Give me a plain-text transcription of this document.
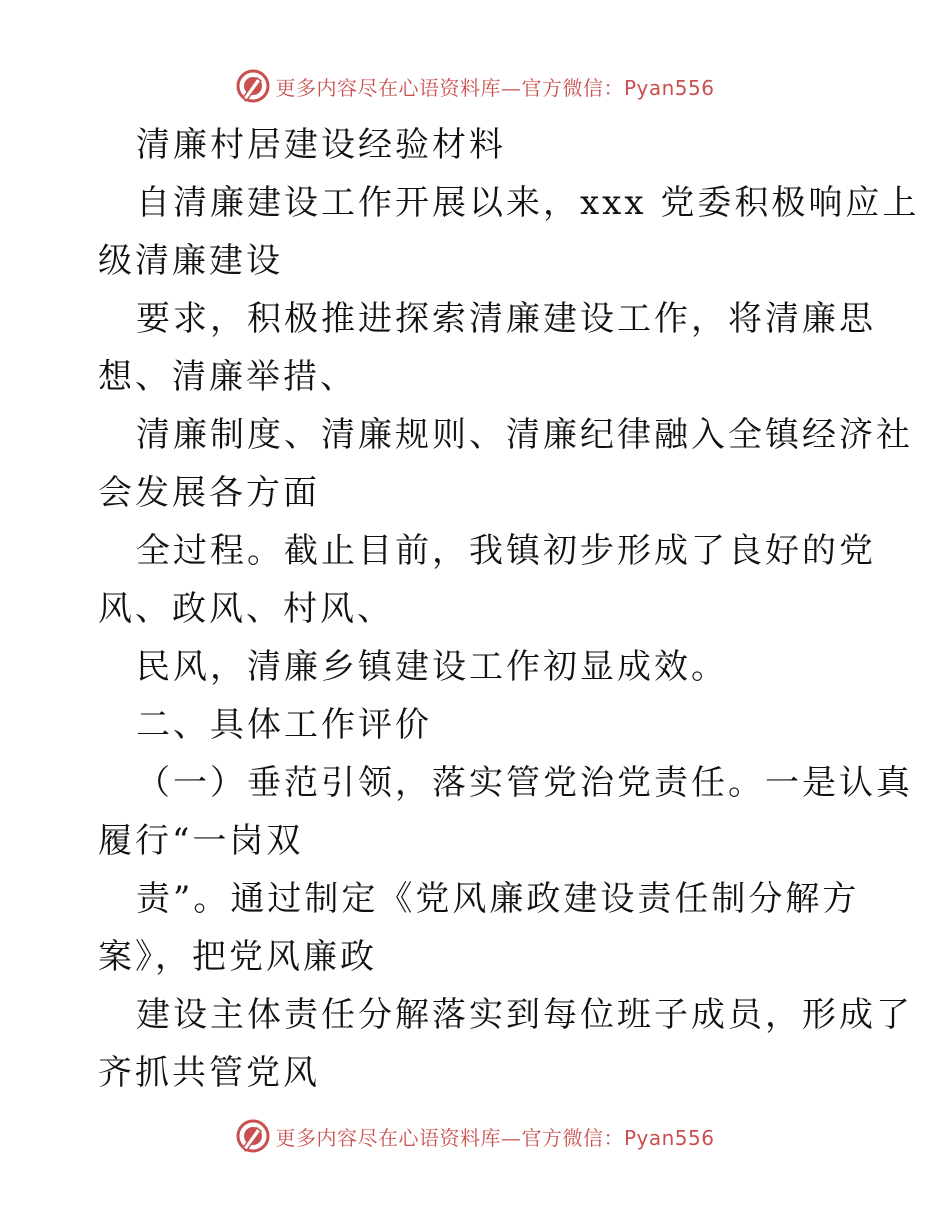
更多内容尽在心语资料库—官方微信：Pyan556
清廉村居建设经验材料
自清廉建设工作开展以来，xxx 党委积极响应上
级清廉建设
要求，积极推进探索清廉建设工作，将清廉思
想、清廉举措、
清廉制度、清廉规则、清廉纪律融入全镇经济社
会发展各方面
全过程。截止目前，我镇初步形成了良好的党
风、政风、村风、
民风，清廉乡镇建设工作初显成效。
二、具体工作评价
（一）垂范引领，落实管党治党责任。一是认真
履行“一岗双
责”。通过制定《党风廉政建设责任制分解方
案》，把党风廉政
建设主体责任分解落实到每位班子成员，形成了
齐抓共管党风
更多内容尽在心语资料库—官方微信：Pyan556
